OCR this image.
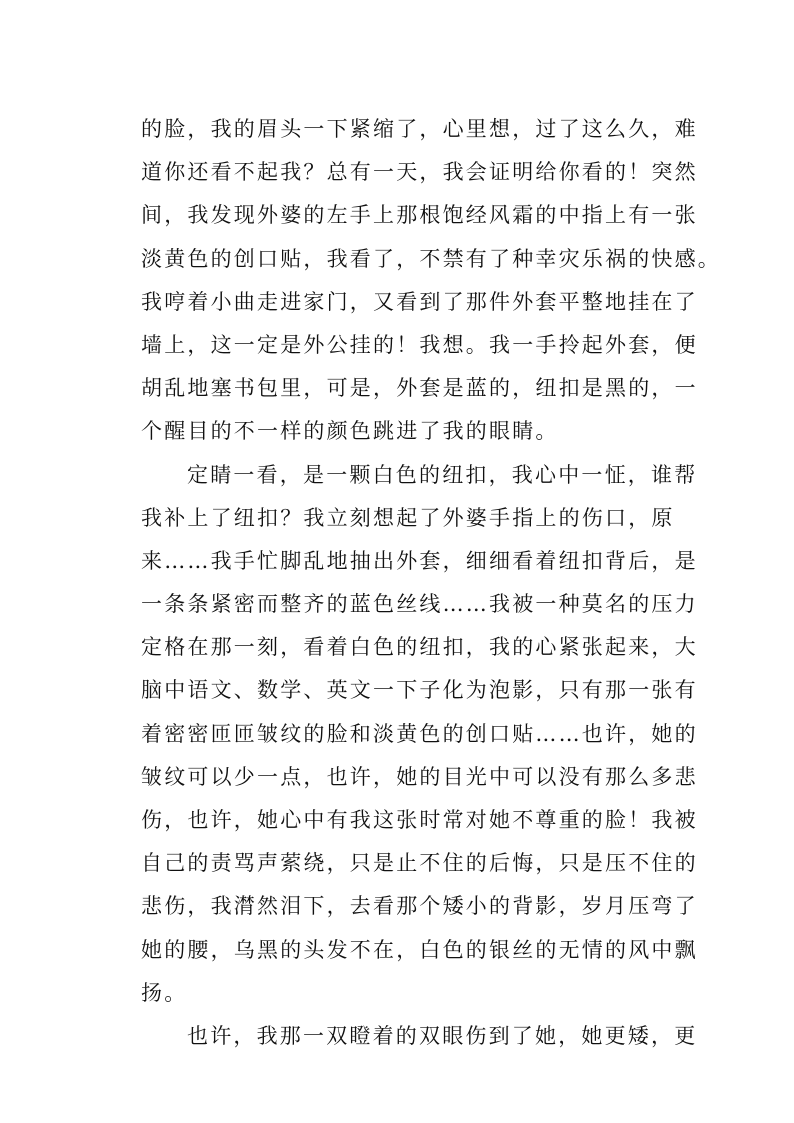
的脸，我的眉头一下紧缩了，心里想，过了这么久，难
道你还看不起我？总有一天，我会证明给你看的！突然
间，我发现外婆的左手上那根饱经风霜的中指上有一张
淡黄色的创口贴，我看了，不禁有了种幸灾乐祸的快感。
我哼着小曲走进家门，又看到了那件外套平整地挂在了
墙上，这一定是外公挂的！我想。我一手拎起外套，便
胡乱地塞书包里，可是，外套是蓝的，纽扣是黑的，一
个醒目的不一样的颜色跳进了我的眼睛。
定睛一看，是一颗白色的纽扣，我心中一怔，谁帮
我补上了纽扣？我立刻想起了外婆手指上的伤口，原
来……我手忙脚乱地抽出外套，细细看着纽扣背后，是
一条条紧密而整齐的蓝色丝线……我被一种莫名的压力
定格在那一刻，看着白色的纽扣，我的心紧张起来，大
脑中语文、数学、英文一下子化为泡影，只有那一张有
着密密匝匝皱纹的脸和淡黄色的创口贴……也许，她的
皱纹可以少一点，也许，她的目光中可以没有那么多悲
伤，也许，她心中有我这张时常对她不尊重的脸！我被
自己的责骂声萦绕，只是止不住的后悔，只是压不住的
悲伤，我潸然泪下，去看那个矮小的背影，岁月压弯了
她的腰，乌黑的头发不在，白色的银丝的无情的风中飘
扬。
也许，我那一双瞪着的双眼伤到了她，她更矮，更
